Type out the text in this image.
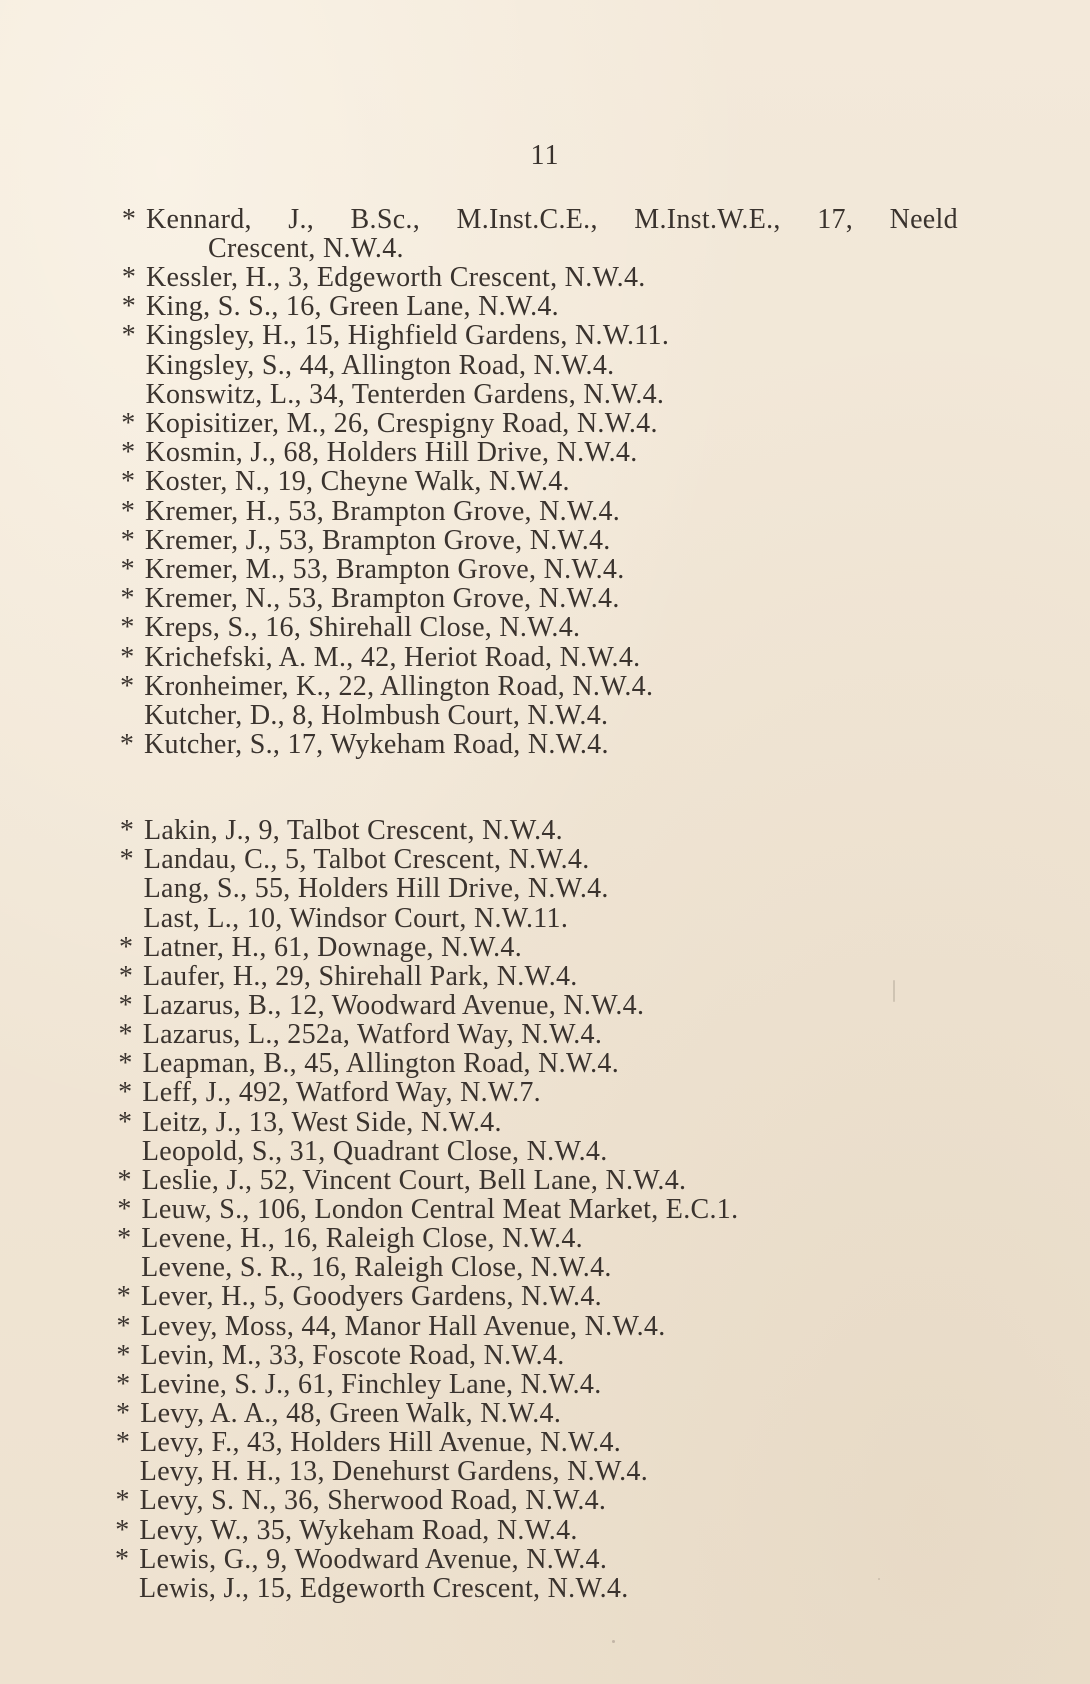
11
* Kennard, J., B.Sc., M.Inst.C.E., M.Inst.W.E., 17, Neeld
Crescent, N.W.4.
* Kessler, H., 3, Edgeworth Crescent, N.W.4.
* King, S. S., 16, Green Lane, N.W.4.
* Kingsley, H., 15, Highfield Gardens, N.W.11.
Kingsley, S., 44, Allington Road, N.W.4.
Konswitz, L., 34, Tenterden Gardens, N.W.4.
* Kopisitizer, M., 26, Crespigny Road, N.W.4.
* Kosmin, J., 68, Holders Hill Drive, N.W.4.
* Koster, N., 19, Cheyne Walk, N.W.4.
* Kremer, H., 53, Brampton Grove, N.W.4.
* Kremer, J., 53, Brampton Grove, N.W.4.
* Kremer, M., 53, Brampton Grove, N.W.4.
* Kremer, N., 53, Brampton Grove, N.W.4.
* Kreps, S., 16, Shirehall Close, N.W.4.
* Krichefski, A. M., 42, Heriot Road, N.W.4.
* Kronheimer, K., 22, Allington Road, N.W.4.
Kutcher, D., 8, Holmbush Court, N.W.4.
* Kutcher, S., 17, Wykeham Road, N.W.4.
* Lakin, J., 9, Talbot Crescent, N.W.4.
* Landau, C., 5, Talbot Crescent, N.W.4.
Lang, S., 55, Holders Hill Drive, N.W.4.
Last, L., 10, Windsor Court, N.W.11.
* Latner, H., 61, Downage, N.W.4.
* Laufer, H., 29, Shirehall Park, N.W.4.
* Lazarus, B., 12, Woodward Avenue, N.W.4.
* Lazarus, L., 252a, Watford Way, N.W.4.
* Leapman, B., 45, Allington Road, N.W.4.
* Leff, J., 492, Watford Way, N.W.7.
* Leitz, J., 13, West Side, N.W.4.
Leopold, S., 31, Quadrant Close, N.W.4.
* Leslie, J., 52, Vincent Court, Bell Lane, N.W.4.
* Leuw, S., 106, London Central Meat Market, E.C.1.
* Levene, H., 16, Raleigh Close, N.W.4.
Levene, S. R., 16, Raleigh Close, N.W.4.
* Lever, H., 5, Goodyers Gardens, N.W.4.
* Levey, Moss, 44, Manor Hall Avenue, N.W.4.
* Levin, M., 33, Foscote Road, N.W.4.
* Levine, S. J., 61, Finchley Lane, N.W.4.
* Levy, A. A., 48, Green Walk, N.W.4.
* Levy, F., 43, Holders Hill Avenue, N.W.4.
Levy, H. H., 13, Denehurst Gardens, N.W.4.
* Levy, S. N., 36, Sherwood Road, N.W.4.
* Levy, W., 35, Wykeham Road, N.W.4.
* Lewis, G., 9, Woodward Avenue, N.W.4.
Lewis, J., 15, Edgeworth Crescent, N.W.4.
